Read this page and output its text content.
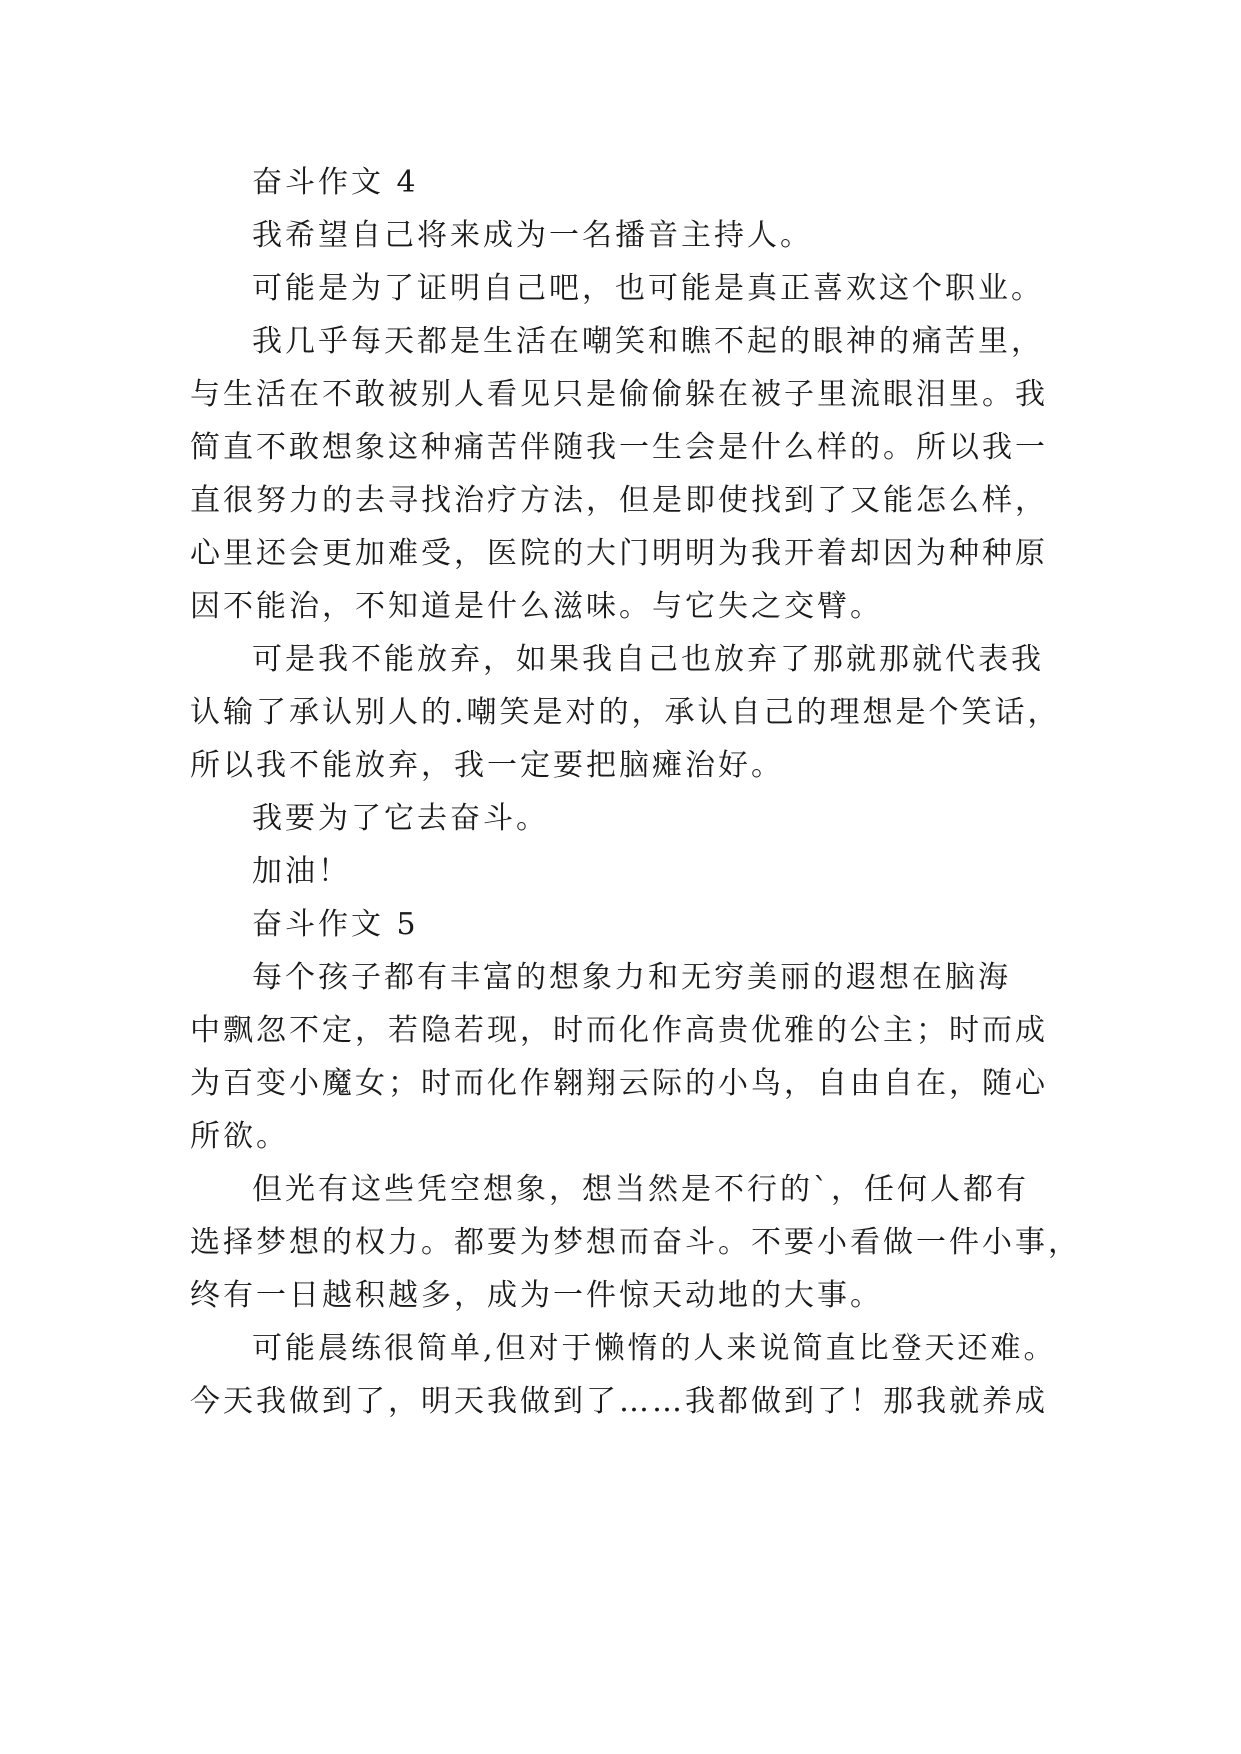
奋斗作文 4
我希望自己将来成为一名播音主持人。
可能是为了证明自己吧，也可能是真正喜欢这个职业。
我几乎每天都是生活在嘲笑和瞧不起的眼神的痛苦里，
与生活在不敢被别人看见只是偷偷躲在被子里流眼泪里。我
简直不敢想象这种痛苦伴随我一生会是什么样的。所以我一
直很努力的去寻找治疗方法，但是即使找到了又能怎么样，
心里还会更加难受，医院的大门明明为我开着却因为种种原
因不能治，不知道是什么滋味。与它失之交臂。
可是我不能放弃，如果我自己也放弃了那就那就代表我
认输了承认别人的.嘲笑是对的，承认自己的理想是个笑话，
所以我不能放弃，我一定要把脑瘫治好。
我要为了它去奋斗。
加油！
奋斗作文 5
每个孩子都有丰富的想象力和无穷美丽的遐想在脑海
中飘忽不定，若隐若现，时而化作高贵优雅的公主；时而成
为百变小魔女；时而化作翱翔云际的小鸟，自由自在，随心
所欲。
但光有这些凭空想象，想当然是不行的`，任何人都有
选择梦想的权力。都要为梦想而奋斗。不要小看做一件小事，
终有一日越积越多，成为一件惊天动地的大事。
可能晨练很简单,但对于懒惰的人来说简直比登天还难。
今天我做到了，明天我做到了……我都做到了！那我就养成
